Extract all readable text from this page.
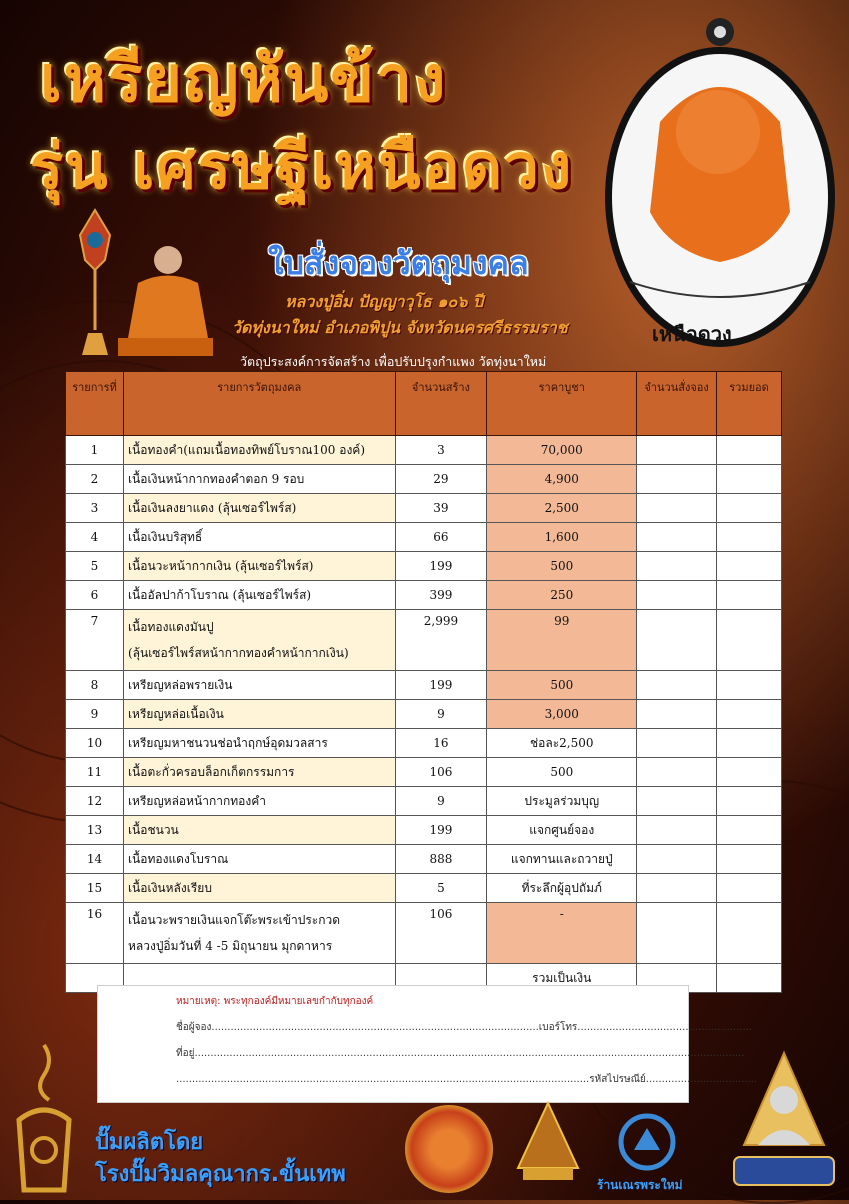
เหรียญหันข้าง
รุ่น เศรษฐีเหนือดวง
ใบสั่งจองวัตถุมงคล
หลวงปู่อิ่ม ปัญญาวุโธ ๑๐๖ ปี
วัดทุ่งนาใหม่ อำเภอพิปูน จังหวัดนครศรีธรรมราช
วัตถุประสงค์การจัดสร้าง เพื่อปรับปรุงกำแพง วัดทุ่งนาใหม่
เหนือดวง
รายการที่	รายการวัตถุมงคล	จำนวนสร้าง	ราคาบูชา	จำนวนสั่งจอง	รวมยอด
1	เนื้อทองคำ(แถมเนื้อทองทิพย์โบราณ100 องค์)	3	70,000		
2	เนื้อเงินหน้ากากทองคำตอก 9 รอบ	29	4,900		
3	เนื้อเงินลงยาแดง (ลุ้นเซอร์ไพร์ส)	39	2,500		
4	เนื้อเงินบริสุทธิ์	66	1,600		
5	เนื้อนวะหน้ากากเงิน (ลุ้นเซอร์ไพร์ส)	199	500		
6	เนื้ออัลปาก้าโบราณ (ลุ้นเซอร์ไพร์ส)	399	250		
7	เนื้อทองแดงมันปู
(ลุ้นเซอร์ไพร์สหน้ากากทองคำหน้ากากเงิน)	2,999	99		
8	เหรียญหล่อพรายเงิน	199	500		
9	เหรียญหล่อเนื้อเงิน	9	3,000		
10	เหรียญมหาชนวนช่อนำฤกษ์อุดมวลสาร	16	ช่อละ2,500		
11	เนื้อตะกั่วครอบล็อกเก็ตกรรมการ	106	500		
12	เหรียญหล่อหน้ากากทองคำ	9	ประมูลร่วมบุญ		
13	เนื้อชนวน	199	แจกศูนย์จอง		
14	เนื้อทองแดงโบราณ	888	แจกทานและถวายปู่		
15	เนื้อเงินหลังเรียบ	5	ที่ระลึกผู้อุปถัมภ์		
16	เนื้อนวะพรายเงินแจกโต๊ะพระเข้าประกวด
หลวงปู่อิ่มวันที่ 4 -5 มิถุนายน มุกดาหาร	106	-		
			รวมเป็นเงิน		
หมายเหตุ: พระทุกองค์มีหมายเลขกำกับทุกองค์
ชื่อผู้จอง.......................................................................................................เบอร์โทร.......................................................
ที่อยู่.............................................................................................................................................................................
..................................................................................................................................รหัสไปรษณีย์...................................
ปั๊มผลิตโดย
โรงปั๊มวิมลคุณากร.ขั้นเทพ	ร้านเณรพระใหม่
